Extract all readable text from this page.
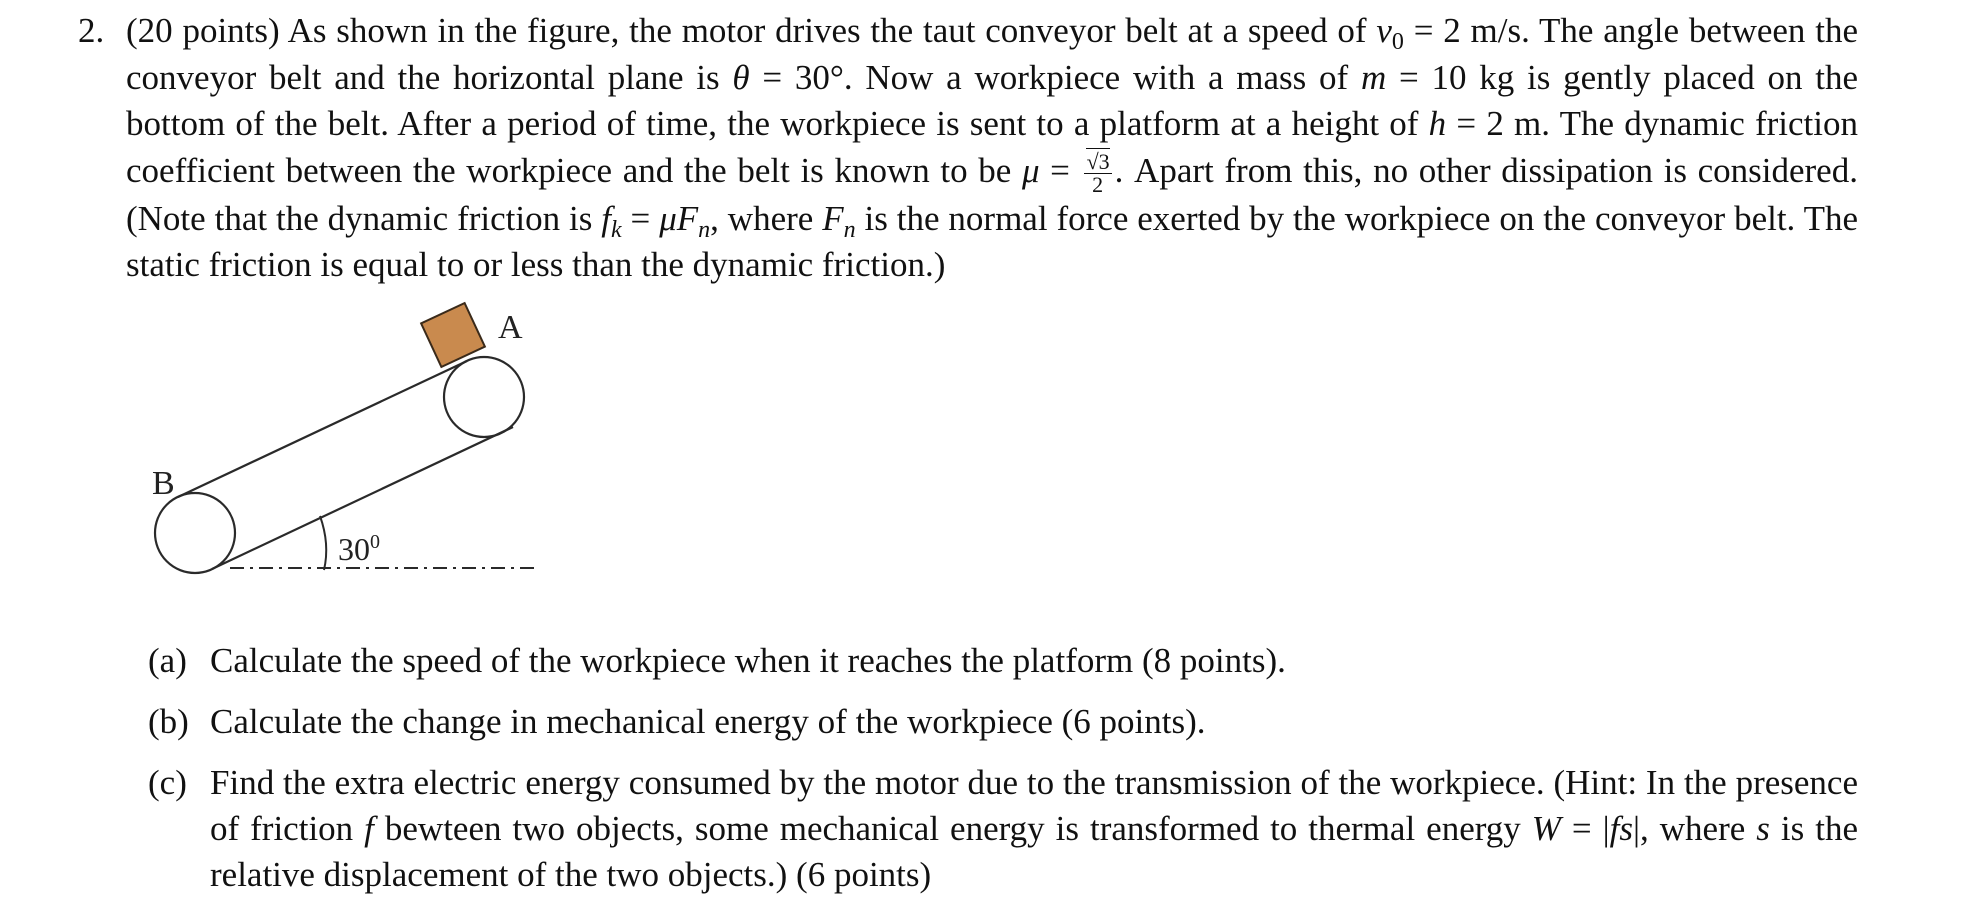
2. (20 points) As shown in the figure, the motor drives the taut conveyor belt at a speed of $v_0 = 2$ m/s. The angle between the conveyor belt and the horizontal plane is θ = 30°. Now a workpiece with a mass of m = 10 kg is gently placed on the bottom of the belt. After a period of time, the workpiece is sent to a platform at a height of h = 2 m. The dynamic friction coefficient between the workpiece and the belt is known to be $\mu = \frac{√3}{2}$ . Apart from this, no other dissipation is considered. (Note that the dynamic friction is $f_k = \mu F_n$, where $F_n$ is the normal force exerted by the workpiece on the conveyor belt. The static friction is equal to or less than the dynamic friction.)
A
B
$30^0$
(a) Calculate the speed of the workpiece when it reaches the platform (8 points).
(b) Calculate the change in mechanical energy of the workpiece (6 points).
(c) Find the extra electric energy consumed by the motor due to the transmission of the workpiece. (Hint: In the presence of friction f bewteen two objects, some mechanical energy is transformed to thermal energy W = |fs|, where s is the relative displacement of the two objects.) (6 points)
